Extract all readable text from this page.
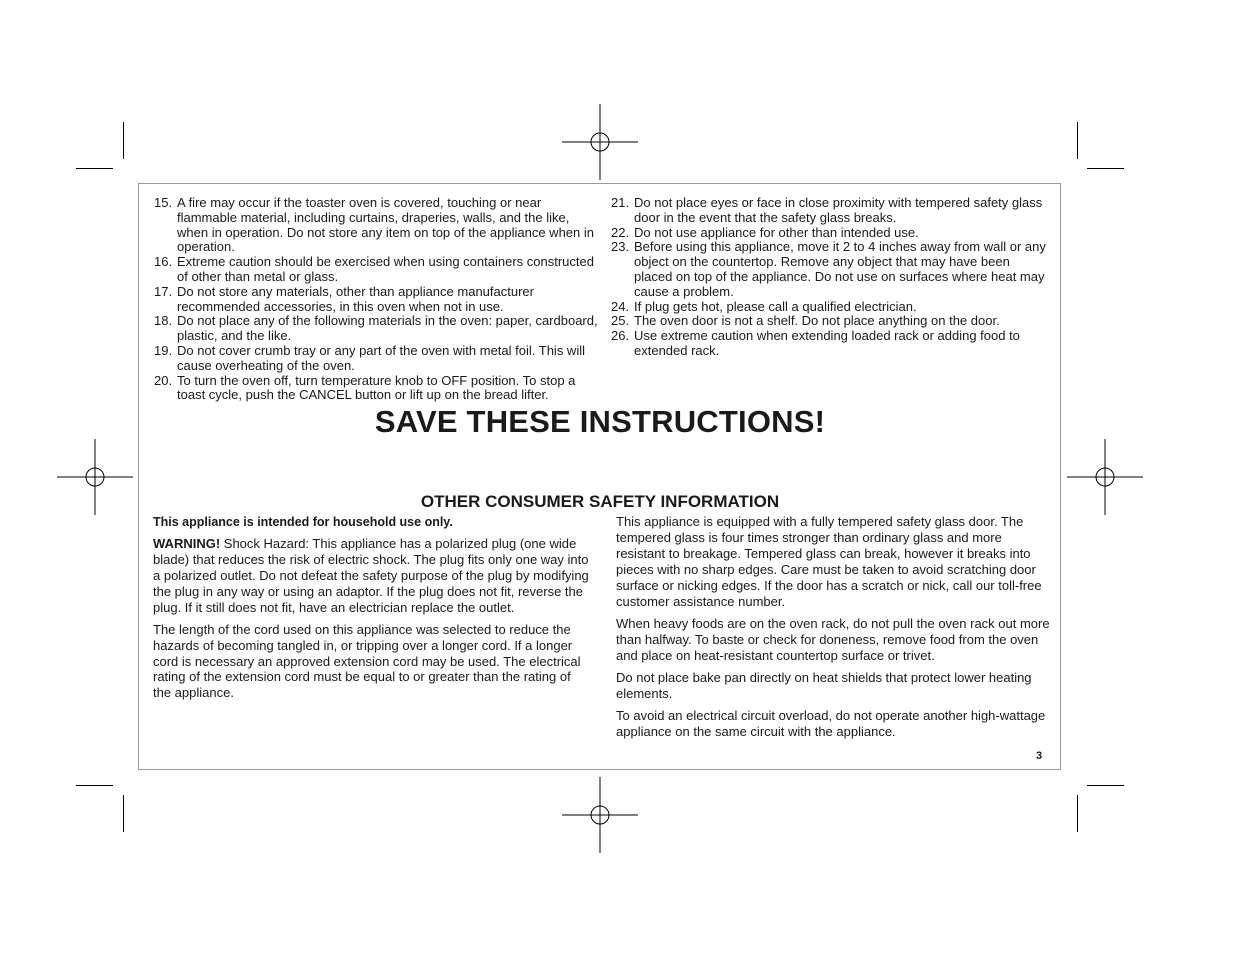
15. A fire may occur if the toaster oven is covered, touching or near flammable material, including curtains, draperies, walls, and the like, when in operation. Do not store any item on top of the appliance when in operation.
16. Extreme caution should be exercised when using containers constructed of other than metal or glass.
17. Do not store any materials, other than appliance manufacturer recommended accessories, in this oven when not in use.
18. Do not place any of the following materials in the oven: paper, cardboard, plastic, and the like.
19. Do not cover crumb tray or any part of the oven with metal foil. This will cause overheating of the oven.
20. To turn the oven off, turn temperature knob to OFF position. To stop a toast cycle, push the CANCEL button or lift up on the bread lifter.
21. Do not place eyes or face in close proximity with tempered safety glass door in the event that the safety glass breaks.
22. Do not use appliance for other than intended use.
23. Before using this appliance, move it 2 to 4 inches away from wall or any object on the countertop. Remove any object that may have been placed on top of the appliance. Do not use on surfaces where heat may cause a problem.
24. If plug gets hot, please call a qualified electrician.
25. The oven door is not a shelf. Do not place anything on the door.
26. Use extreme caution when extending loaded rack or adding food to extended rack.
SAVE THESE INSTRUCTIONS!
OTHER CONSUMER SAFETY INFORMATION

This appliance is intended for household use only.

WARNING! Shock Hazard: This appliance has a polarized plug (one wide blade) that reduces the risk of electric shock. The plug fits only one way into a polarized outlet. Do not defeat the safety purpose of the plug by modifying the plug in any way or using an adaptor. If the plug does not fit, reverse the plug. If it still does not fit, have an electrician replace the outlet.

The length of the cord used on this appliance was selected to reduce the hazards of becoming tangled in, or tripping over a longer cord. If a longer cord is necessary an approved extension cord may be used. The electrical rating of the extension cord must be equal to or greater than the rating of the appliance.

This appliance is equipped with a fully tempered safety glass door. The tempered glass is four times stronger than ordinary glass and more resistant to breakage. Tempered glass can break, however it breaks into pieces with no sharp edges. Care must be taken to avoid scratching door surface or nicking edges. If the door has a scratch or nick, call our toll-free customer assistance number.

When heavy foods are on the oven rack, do not pull the oven rack out more than halfway. To baste or check for doneness, remove food from the oven and place on heat-resistant countertop surface or trivet.

Do not place bake pan directly on heat shields that protect lower heating elements.

To avoid an electrical circuit overload, do not operate another high-wattage appliance on the same circuit with the appliance.

3
